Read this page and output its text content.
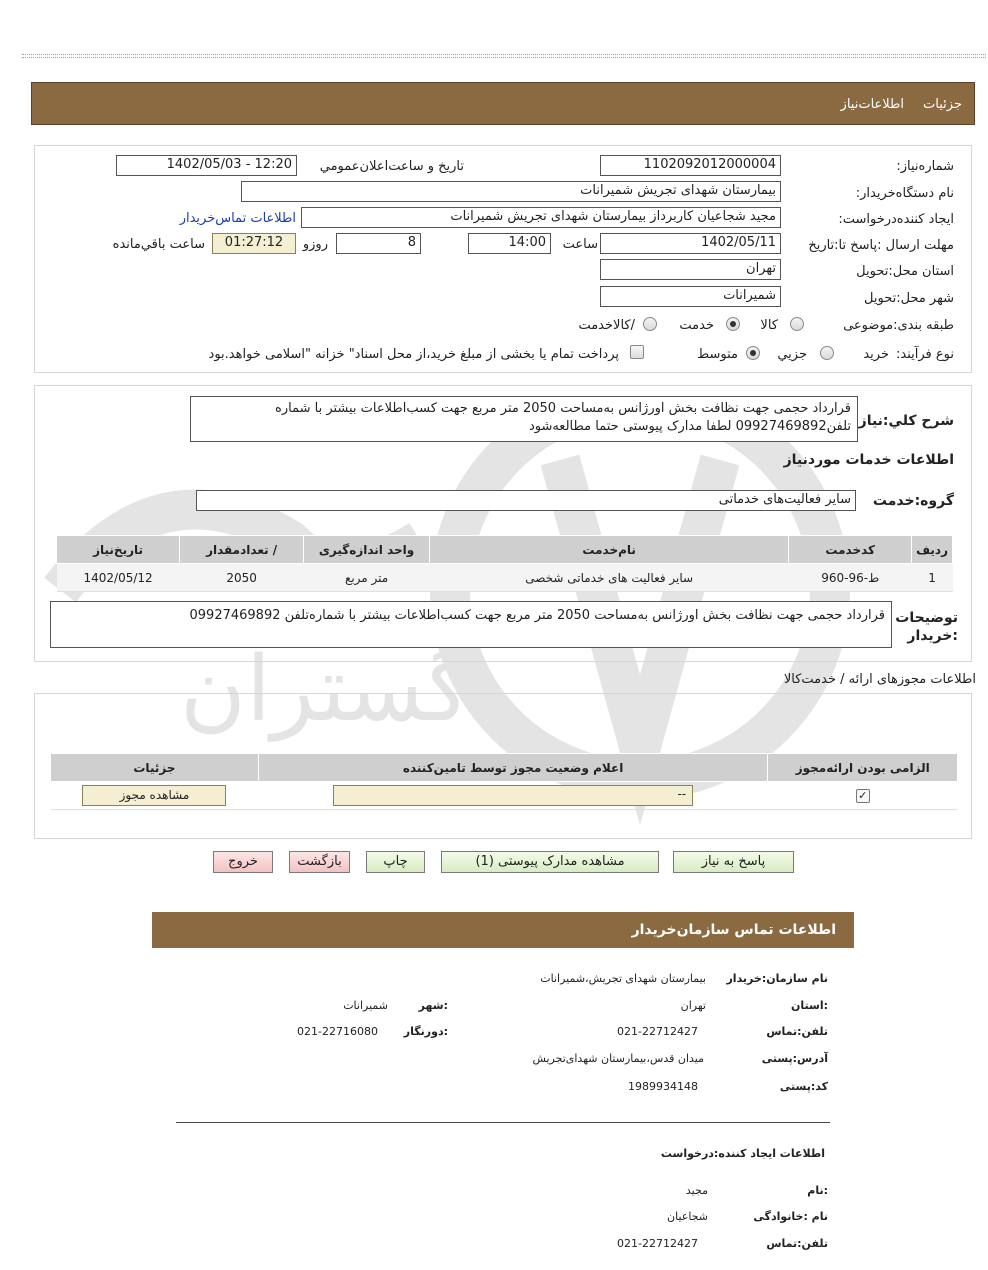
گستران
جزئیات
اطلاعات‌نیاز
شماره‌نیاز:
1102092012000004
تاریخ و ساعت‌اعلان‌عمومي
1402/05/03 - 12:20
نام دستگاه‌خریدار:
بیمارستان شهدای تجریش شمیرانات
ایجاد کننده‌درخواست:
مجید شجاعیان کاربرداز بیمارستان شهدای تجریش شمیرانات
اطلاعات تماس‌خریدار
مهلت ارسال :پاسخ تا:تاریخ
1402/05/11
ساعت
14:00
8
روزو
01:27:12
ساعت باقي‌مانده
استان محل:تحویل
تهران
شهر محل:تحویل
شمیرانات
طبقه بندی:موضوعی
کالا
خدمت
/کالاخدمت
نوع فرآیند:
خرید
جزیي
متوسط
پرداخت تمام یا بخشی از مبلغ خرید،از محل اسناد" خزانه "اسلامی خواهد.بود
شرح کلي:نیاز
قرارداد حجمی جهت نظافت بخش اورژانس به‌مساحت 2050 متر مربع جهت کسب‌اطلاعات بیشتر با شماره تلفن09927469892 لطفا مدارک پیوستی حتما مطالعه‌شود
اطلاعات خدمات موردنیاز
گروه:خدمت
سایر فعالیت‌های خدماتی
ردیف	کدخدمت	نام‌خدمت	واحد اندازه‌گیری	/ تعدادمقدار	تاریخ‌نیاز
1	ط-96-960	سایر فعالیت های خدماتی شخصی	متر مربع	2050	1402/05/12
توضیحات :خریدار
قرارداد حجمی جهت نظافت بخش اورژانس به‌مساحت 2050 متر مربع جهت کسب‌اطلاعات بیشتر با شماره‌تلفن 09927469892
اطلاعات مجوزهای ارائه / خدمت‌کالا
الزامی بودن ارائه‌مجوز	اعلام وضعیت مجوز توسط تامین‌کننده	جزئیات
✓	--	مشاهده مجوز
پاسخ به نیاز
مشاهده مدارک پیوستی (1)
چاپ
بازگشت
خروج
اطلاعات تماس سازمان‌خریدار
نام سازمان:خریدار
بیمارستان شهدای تجریش،شمیرانات
:استان
تهران
:شهر
شمیرانات
تلفن:تماس
021-22712427
:دورنگار
021-22716080
آدرس:پستی
میدان قدس،بیمارستان شهدای‌تجریش
کد:پستی
1989934148
اطلاعات ایجاد کننده:درخواست
:نام
مجید
نام :خانوادگی
شجاعیان
تلفن:تماس
021-22712427
